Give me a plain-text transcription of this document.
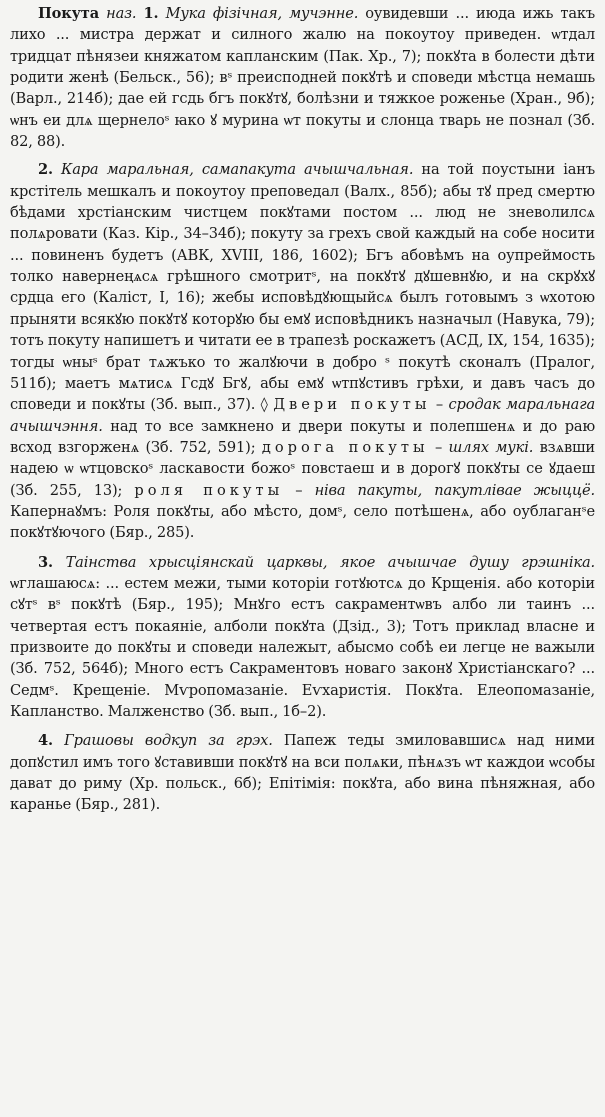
Покута наз. 1. Мука фізічная, мучэнне. оувидевши ... июда ижь такъ лихо ... мистра держат и силного жалю на покоутоу приведен. ѡтдал тридцат пѣнязеи княжатом капланским (Пак. Хр., 7); покꙋта в болести дѣти родити женѣ (Бельск., 56); вˢ преисподней покꙋтѣ и споведи мѣстца немашь (Варл., 214б); дае ей гсдь бгъ покꙋтꙋ, болѣзни и тяжкое роженье (Хран., 9б); ѡнъ еи длѧ щернелоˢ ꙗко ꙋ мурина ѡт покуты и слонца тварь не познал (Зб. 82, 88).

2. Кара маральная, самапакута ачышчальная. на той поустыни іанъ крстітель мешкалъ и покоутоу преповедал (Валх., 85б); абы тꙋ пред смертю бѣдами хрстіанским чистцем покꙋтами постом ... люд не зневолилсѧ полѧровати (Каз. Кір., 34–34б); покуту за грехъ свой каждый на собе носити ... повиненъ будетъ (АВК, XVIII, 186, 1602); Бгъ абовѣмъ на оупреймость толко навернеңѧсѧ грѣшного смотритˢ, на покꙋтꙋ дꙋшевнꙋю, и на скрꙋхꙋ срдца его (Каліст, I, 16); жебы исповѣдꙋющыйсѧ былъ готовымъ з ѡхотою прыняти всякꙋю покꙋтꙋ которꙋю бы емꙋ исповѣдникъ назначыл (Навука, 79); тотъ покуту напишетъ и читати ее в трапезѣ роскажетъ (АСД, IX, 154, 1635); тогды ѡныˢ брат тѧжъко то жалꙋючи в добро ˢ покутѣ сконалъ (Пралог, 511б); маетъ мѧтисѧ Гсдꙋ Бгꙋ, абы емꙋ ѡтпꙋстивъ грѣхи, и давъ часъ до споведи и покꙋты (Зб. вып., 37). ◊ Двери покуты – сродак маральнага ачышчэння. над то все замкнено и двери покуты и полепшенѧ и до раю всход взгорженѧ (Зб. 752, 591); дорога покуты – шлях мукі. взѧвши надею ѡ ѡтцовскоˢ ласкавости божоˢ повстаеш и в дорогꙋ покꙋты се ꙋдаеш (Зб. 255, 13); роля покуты – ніва пакуты, пакутлівае жыццё. Капернаꙋмъ: Роля покꙋты, або мѣсто, домˢ, село потѣшенѧ, або оублаганˢе покꙋтꙋючого (Бяр., 285).

3. Таінства хрысціянскай царквы, якое ачышчае душу грэшніка. ѡглашаюсѧ: ... естем межи, тыми которіи готꙋютсѧ до Крщенія. або которіи сꙋтˢ вˢ покꙋтѣ (Бяр., 195); Мнꙋго естъ сакраментѡвъ албо ли таинъ ... четвертая естъ покаяніе, алболи покꙋта (Дзід., 3); Тотъ приклад власне и призвоите до покꙋты и споведи належыт, абысмо собѣ еи легце не важыли (Зб. 752, 564б); Много естъ Сакраментовъ новаго законꙋ Христіанскаго? ... Седмˢ. Крещеніе. Мѵропомазаніе. Еѵхаристія. Покꙋта. Елеопомазаніе, Капланство. Малженство (Зб. вып., 1б–2).

4. Грашовы водкуп за грэх. Папеж теды змиловавшисѧ над ними допꙋстил имъ того ꙋставивши покꙋтꙋ на вси полѧки, пѣнѧзъ ѡт каждои ѡсобы дават до риму (Хр. польск., 6б); Епітімія: покꙋта, або вина пѣняжная, або караньe (Бяр., 281).
